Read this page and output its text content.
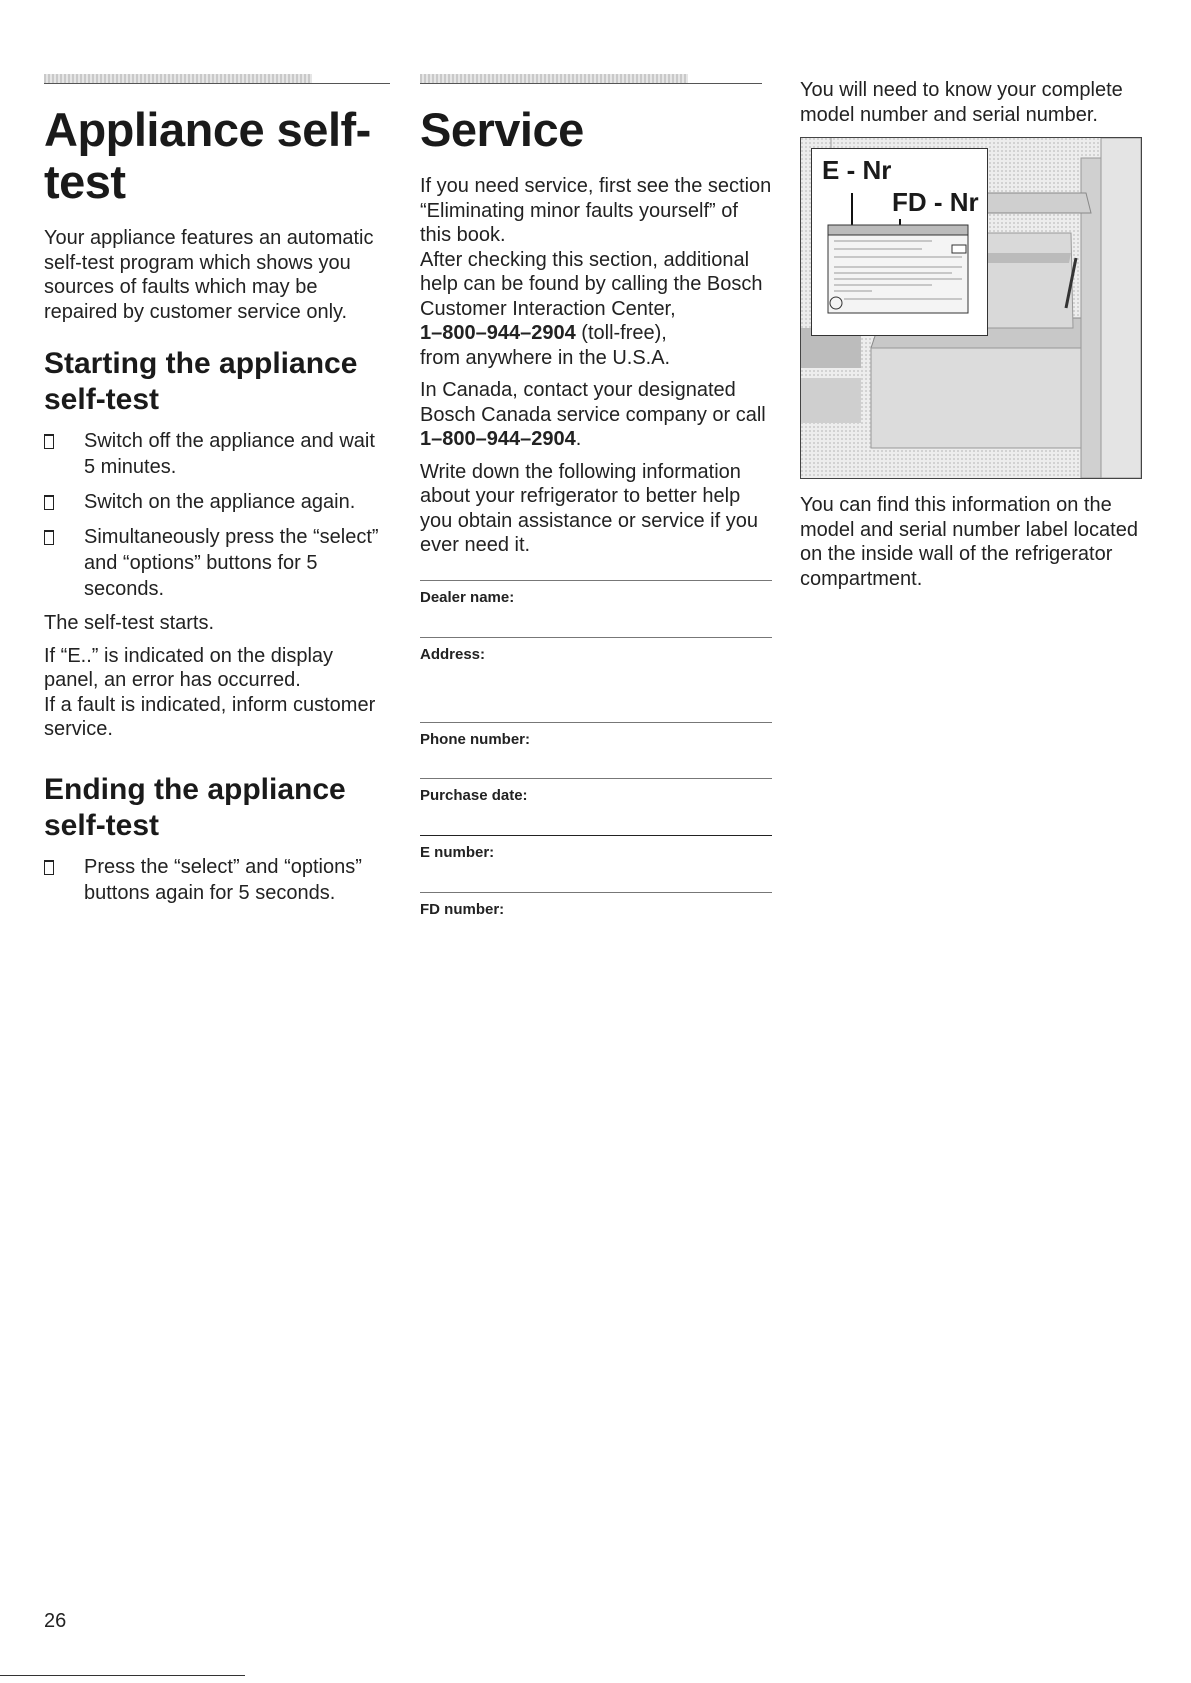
Appliance self-test

Your appliance features an automatic self-test program which shows you sources of faults which may be repaired by customer service only.

Starting the appliance self-test
Switch off the appliance and wait 5 minutes.
Switch on the appliance again.
Simultaneously press the “select” and “options” buttons for 5 seconds.

The self-test starts.

If “E..” is indicated on the display panel, an error has occurred.

If a fault is indicated, inform customer service.

Ending the appliance self-test
Press the “select” and “options” buttons again for 5 seconds.
Service

If you need service, first see the section “Eliminating minor faults yourself” of this book.
After checking this section, additional help can be found by calling the Bosch Customer Interaction Center,
1–800–944–2904 (toll-free),
from anywhere in the U.S.A.

In Canada, contact your designated Bosch Canada service company or call 1–800–944–2904.

Write down the following information about your refrigerator to better help you obtain assistance or service if you ever need it.

Dealer name:
Address:
Phone number:
Purchase date:
E number:
FD number:

You will need to know your complete model number and serial number.

E - Nr
FD - Nr

You can find this information on the model and serial number label located on the inside wall of the refrigerator compartment.

26
